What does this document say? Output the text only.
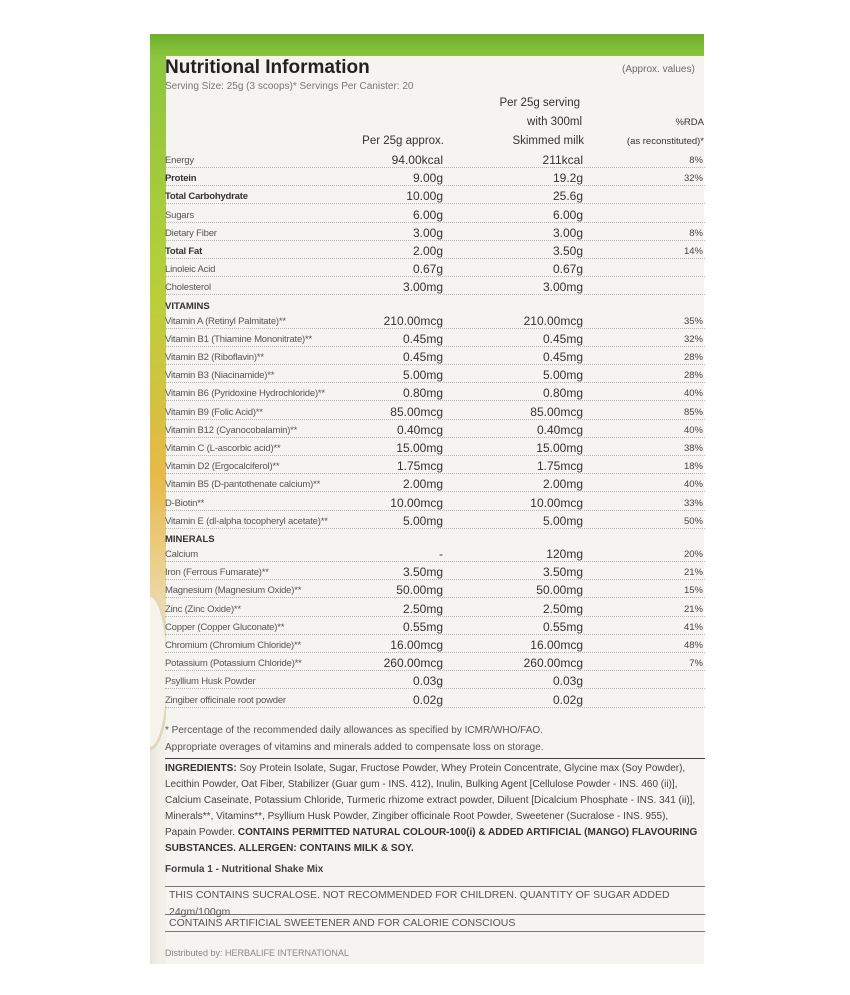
Nutritional Information	(Approx. values)
Serving Size: 25g (3 scoops)* Servings Per Canister: 20
Per 25g serving
with 300ml
Per 25g approx.	Skimmed milk
%RDA
(as reconstituted)*
Energy	94.00kcal	211kcal	8%
Protein	9.00g	19.2g	32%
Total Carbohydrate	10.00g	25.6g
Sugars	6.00g	6.00g
Dietary Fiber	3.00g	3.00g	8%
Total Fat	2.00g	3.50g	14%
Linoleic Acid	0.67g	0.67g
Cholesterol	3.00mg	3.00mg
VITAMINS
Vitamin A (Retinyl Palmitate)**	210.00mcg	210.00mcg	35%
Vitamin B1 (Thiamine Mononitrate)**	0.45mg	0.45mg	32%
Vitamin B2 (Riboflavin)**	0.45mg	0.45mg	28%
Vitamin B3 (Niacinamide)**	5.00mg	5.00mg	28%
Vitamin B6 (Pyridoxine Hydrochloride)**	0.80mg	0.80mg	40%
Vitamin B9 (Folic Acid)**	85.00mcg	85.00mcg	85%
Vitamin B12 (Cyanocobalamin)**	0.40mcg	0.40mcg	40%
Vitamin C (L-ascorbic acid)**	15.00mg	15.00mg	38%
Vitamin D2 (Ergocalciferol)**	1.75mcg	1.75mcg	18%
Vitamin B5 (D-pantothenate calcium)**	2.00mg	2.00mg	40%
D-Biotin**	10.00mcg	10.00mcg	33%
Vitamin E (dl-alpha tocopheryl acetate)**	5.00mg	5.00mg	50%
MINERALS
Calcium	-	120mg	20%
Iron (Ferrous Fumarate)**	3.50mg	3.50mg	21%
Magnesium (Magnesium Oxide)**	50.00mg	50.00mg	15%
Zinc (Zinc Oxide)**	2.50mg	2.50mg	21%
Copper (Copper Gluconate)**	0.55mg	0.55mg	41%
Chromium (Chromium Chloride)**	16.00mcg	16.00mcg	48%
Potassium (Potassium Chloride)**	260.00mcg	260.00mcg	7%
Psyllium Husk Powder	0.03g	0.03g
Zingiber officinale root powder	0.02g	0.02g
* Percentage of the recommended daily allowances as specified by ICMR/WHO/FAO.
Appropriate overages of vitamins and minerals added to compensate loss on storage.
INGREDIENTS: Soy Protein Isolate, Sugar, Fructose Powder, Whey Protein Concentrate, Glycine max (Soy Powder),
Lecithin Powder, Oat Fiber, Stabilizer (Guar gum - INS. 412), Inulin, Bulking Agent [Cellulose Powder - INS. 460 (ii)],
Calcium Caseinate, Potassium Chloride, Turmeric rhizome extract powder, Diluent [Dicalcium Phosphate - INS. 341 (ii)],
Minerals**, Vitamins**, Psyllium Husk Powder, Zingiber officinale Root Powder, Sweetener (Sucralose - INS. 955),
Papain Powder. CONTAINS PERMITTED NATURAL COLOUR-100(i) & ADDED ARTIFICIAL (MANGO) FLAVOURING
SUBSTANCES. ALLERGEN: CONTAINS MILK & SOY.
Formula 1 - Nutritional Shake Mix
THIS CONTAINS SUCRALOSE. NOT RECOMMENDED FOR CHILDREN. QUANTITY OF SUGAR ADDED 24gm/100gm
CONTAINS ARTIFICIAL SWEETENER AND FOR CALORIE CONSCIOUS
Distributed by: HERBALIFE INTERNATIONAL
